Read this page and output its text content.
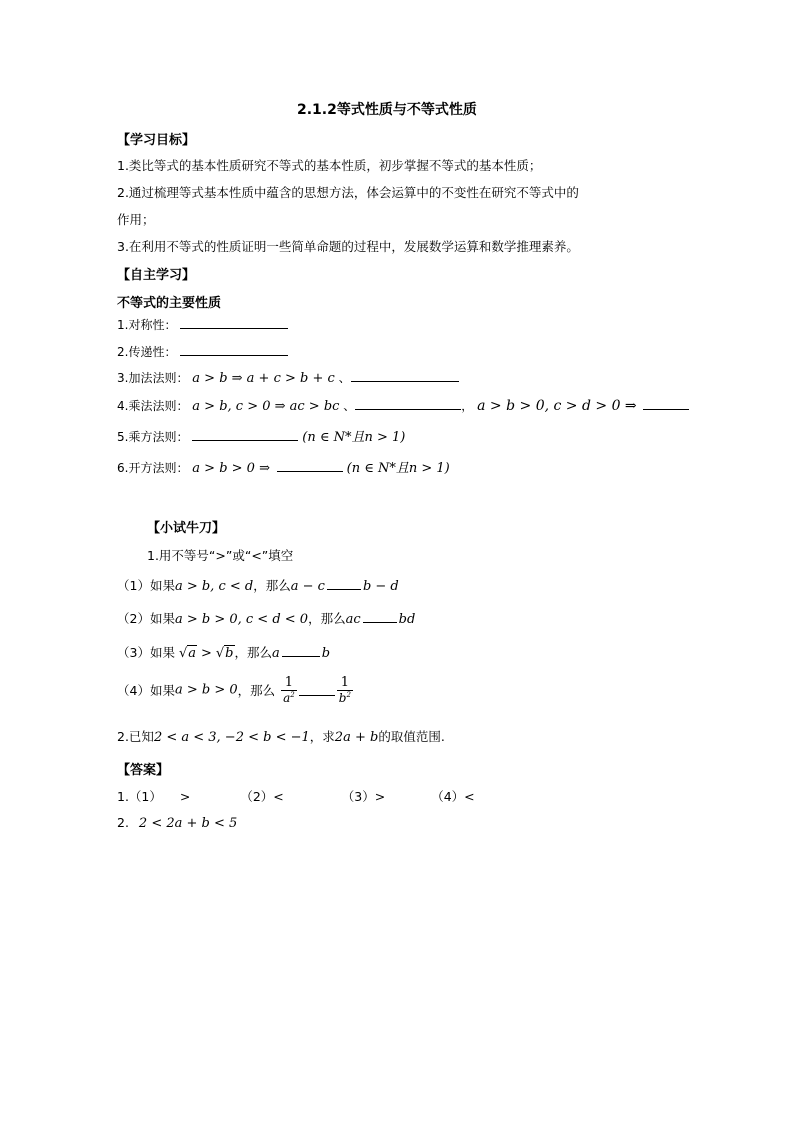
2.1.2等式性质与不等式性质
【学习目标】
1.类比等式的基本性质研究不等式的基本性质，初步掌握不等式的基本性质；
2.通过梳理等式基本性质中蕴含的思想方法，体会运算中的不变性在研究不等式中的
作用；
3.在利用不等式的性质证明一些简单命题的过程中，发展数学运算和数学推理素养。
【自主学习】
不等式的主要性质
1.对称性：
2.传递性：
3.加法法则： a > b ⇒ a + c > b + c 、
4.乘法法则： a > b, c > 0 ⇒ ac > bc 、	， a > b > 0, c > d > 0 ⇒
5.乘方法则：	(n ∈ N*且n > 1)
6.开方法则： a > b > 0 ⇒	(n ∈ N*且n > 1)
【小试牛刀】
1.用不等号“>”或“<”填空
（1）如果a > b, c < d，那么a − c	b − d
（2）如果a > b > 0, c < d < 0，那么ac	bd
（3）如果 √a > √b，那么a	b
（4）如果a > b > 0，那么 $\frac{1}{a^2}$	$\frac{1}{b^2}$
2.已知2 < a < 3, −2 < b < −1，求2a + b的取值范围.
【答案】
1.（1） >	（2）<	（3）>	（4）<
2. 2 < 2a + b < 5
